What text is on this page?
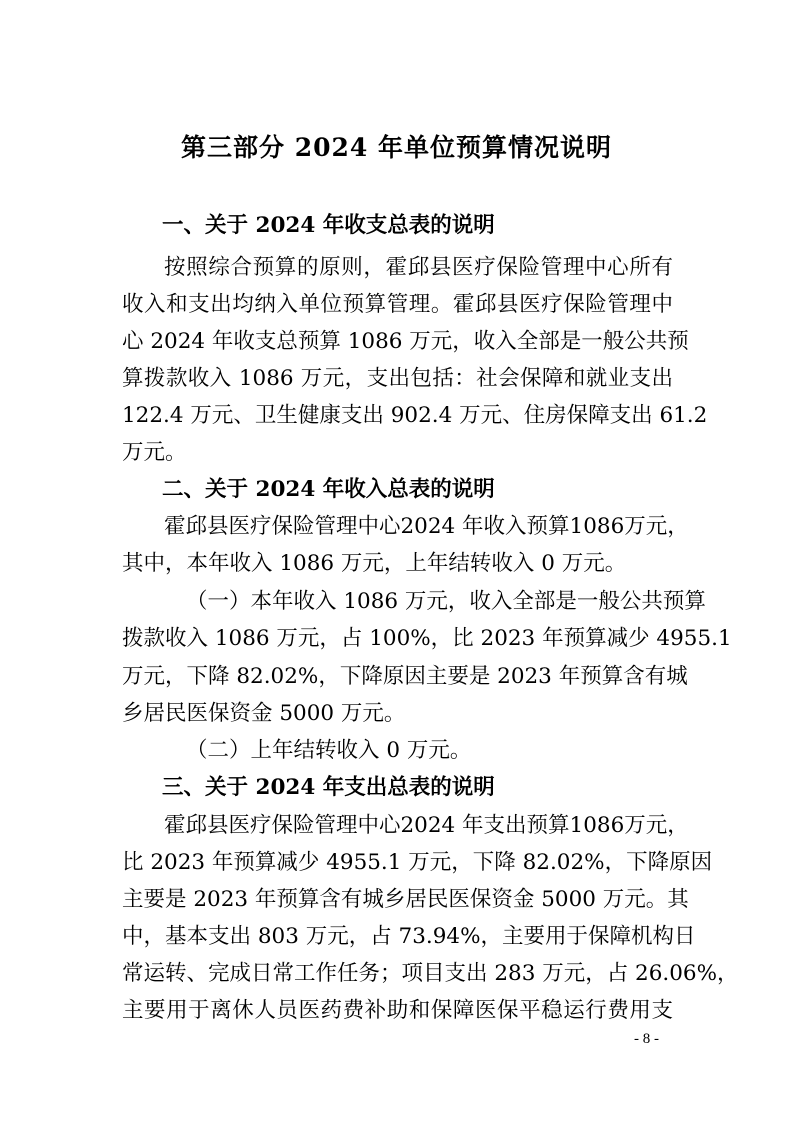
第三部分 2024 年单位预算情况说明
一、关于 2024 年收支总表的说明
按照综合预算的原则，霍邱县医疗保险管理中心所有
收入和支出均纳入单位预算管理。霍邱县医疗保险管理中
心 2024 年收支总预算 1086 万元，收入全部是一般公共预
算拨款收入 1086 万元，支出包括：社会保障和就业支出
122.4 万元、卫生健康支出 902.4 万元、住房保障支出 61.2
万元。
二、关于 2024 年收入总表的说明
霍邱县医疗保险管理中心2024 年收入预算1086万元，
其中，本年收入 1086 万元，上年结转收入 0 万元。
（一）本年收入 1086 万元，收入全部是一般公共预算
拨款收入 1086 万元，占 100%，比 2023 年预算减少 4955.1
万元，下降 82.02%，下降原因主要是 2023 年预算含有城
乡居民医保资金 5000 万元。
（二）上年结转收入 0 万元。
三、关于 2024 年支出总表的说明
霍邱县医疗保险管理中心2024 年支出预算1086万元，
比 2023 年预算减少 4955.1 万元，下降 82.02%，下降原因
主要是 2023 年预算含有城乡居民医保资金 5000 万元。其
中，基本支出 803 万元，占 73.94%，主要用于保障机构日
常运转、完成日常工作任务；项目支出 283 万元，占 26.06%，
主要用于离休人员医药费补助和保障医保平稳运行费用支
- 8 -
